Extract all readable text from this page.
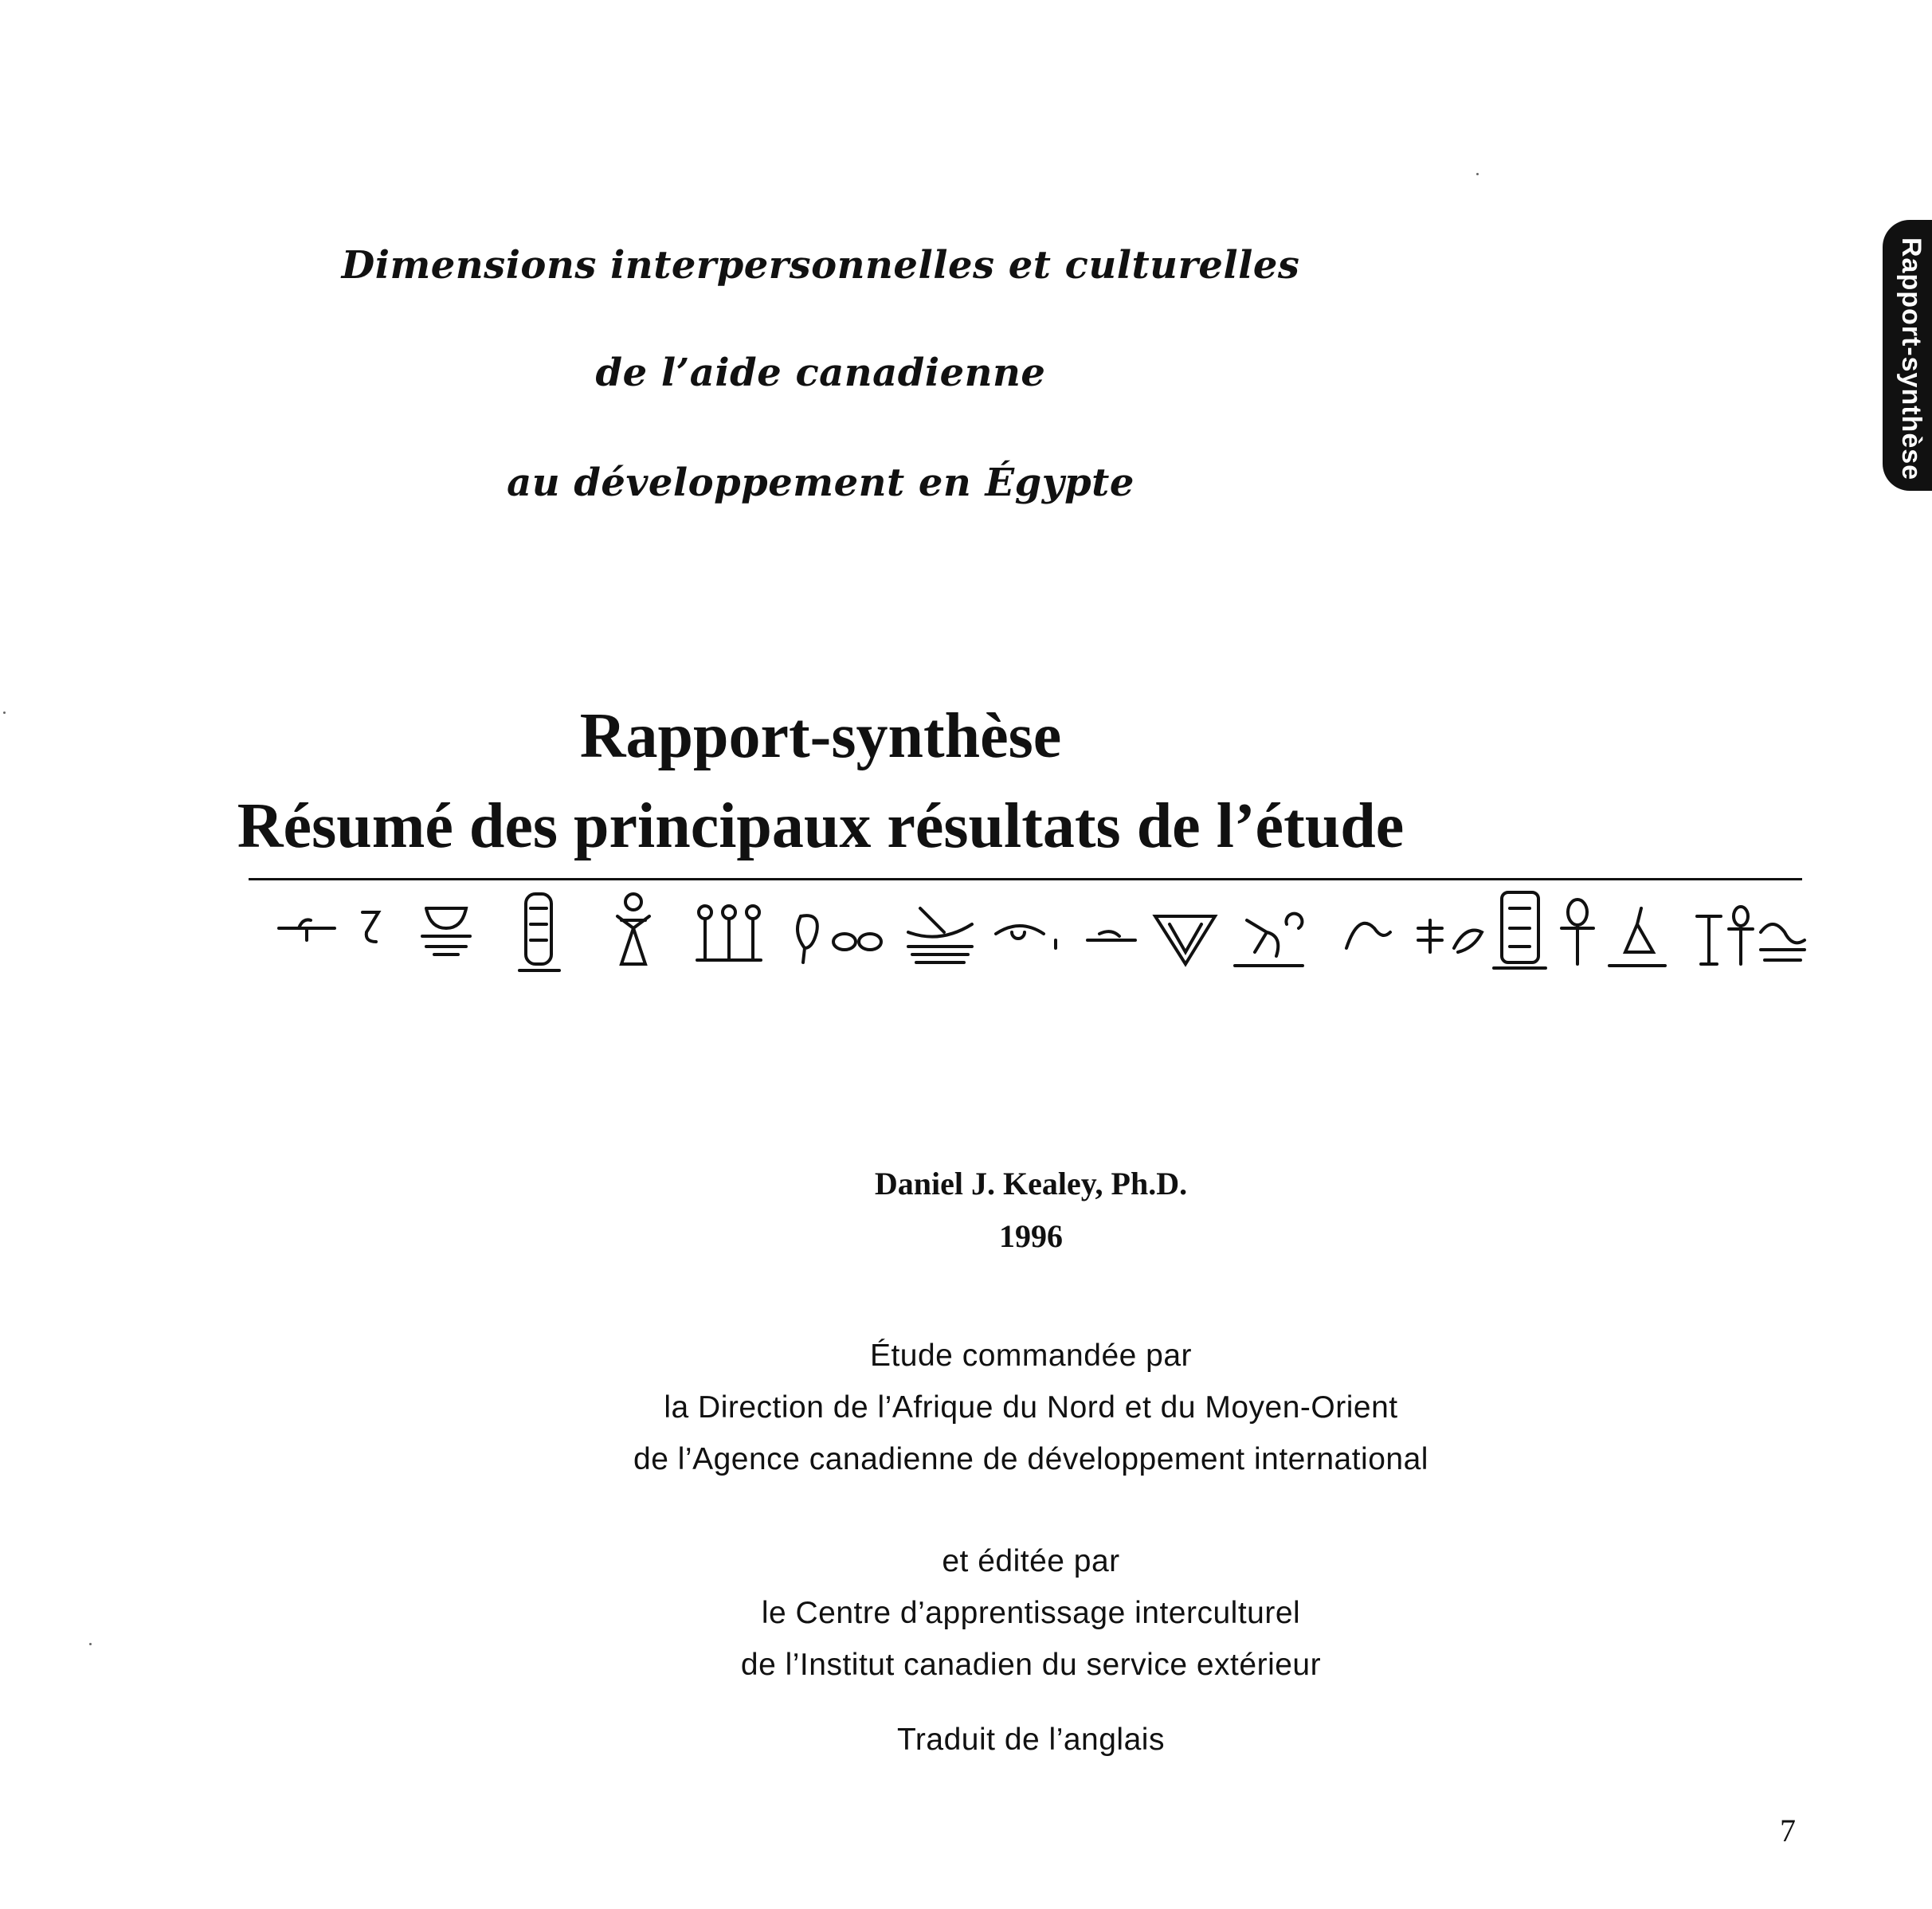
Dimensions interpersonnelles et culturelles
de l’aide canadienne
au développement en Égypte
Rapport-synthèse
Résumé des principaux résultats de l’étude
Daniel J. Kealey, Ph.D.
1996
Étude commandée par
la Direction de l’Afrique du Nord et du Moyen-Orient
de l’Agence canadienne de développement international
et éditée par
le Centre d’apprentissage interculturel
de l’Institut canadien du service extérieur
Traduit de l’anglais
Rapport-synthèse
7
